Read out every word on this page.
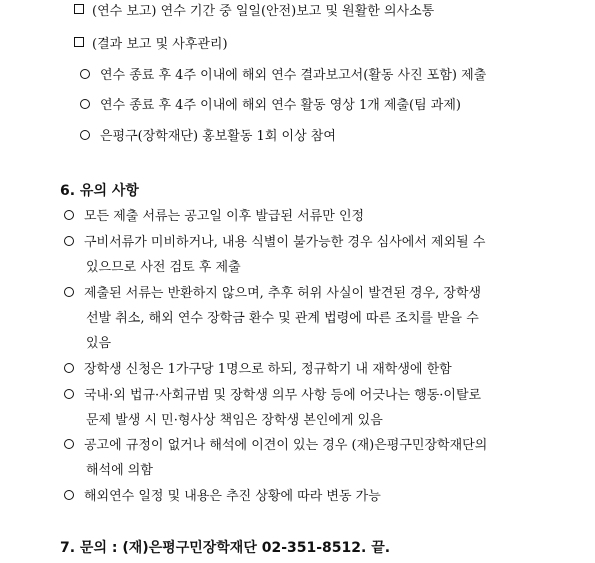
(연수 보고) 연수 기간 중 일일(안전)보고 및 원활한 의사소통
(결과 보고 및 사후관리)
연수 종료 후 4주 이내에 해외 연수 결과보고서(활동 사진 포함) 제출
연수 종료 후 4주 이내에 해외 연수 활동 영상 1개 제출(팀 과제)
은평구(장학재단) 홍보활동 1회 이상 참여
6. 유의 사항
모든 제출 서류는 공고일 이후 발급된 서류만 인정
구비서류가 미비하거나, 내용 식별이 불가능한 경우 심사에서 제외될 수
있으므로 사전 검토 후 제출
제출된 서류는 반환하지 않으며, 추후 허위 사실이 발견된 경우, 장학생
선발 취소, 해외 연수 장학금 환수 및 관계 법령에 따른 조치를 받을 수
있음
장학생 신청은 1가구당 1명으로 하되, 정규학기 내 재학생에 한함
국내·외 법규·사회규범 및 장학생 의무 사항 등에 어긋나는 행동·이탈로
문제 발생 시 민·형사상 책임은 장학생 본인에게 있음
공고에 규정이 없거나 해석에 이견이 있는 경우 (재)은평구민장학재단의
해석에 의함
해외연수 일정 및 내용은 추진 상황에 따라 변동 가능
7. 문의 : (재)은평구민장학재단 02-351-8512. 끝.
